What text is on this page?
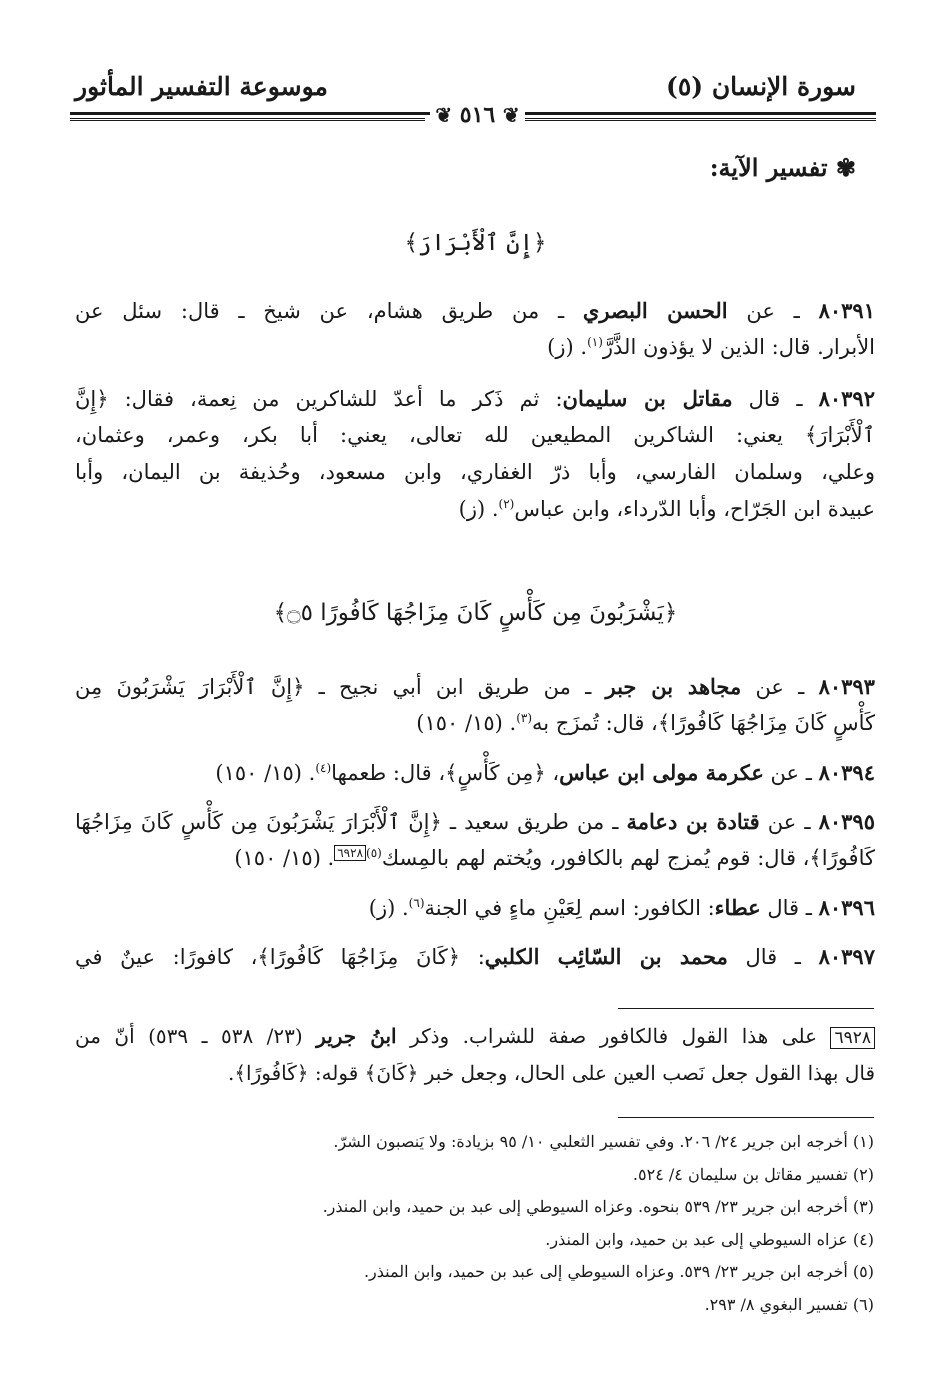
سورة الإنسان (٥)
موسوعة التفسير المأثور
❦ ٥١٦ ❦
✾ تفسير الآية:
﴿إِنَّ ٱلْأَبْرَارَ﴾
٨٠٣٩١ ـ عن الحسن البصري ـ من طريق هشام، عن شيخ ـ قال: سئل عن
الأبرار. قال: الذين لا يؤذون الذَّرَّ$^{(١)}$. (ز)
٨٠٣٩٢ ـ قال مقاتل بن سليمان: ثم ذَكر ما أعدّ للشاكرين من نِعمة، فقال: ﴿إِنَّ
ٱلْأَبْرَارَ﴾ يعني: الشاكرين المطيعين لله تعالى، يعني: أبا بكر، وعمر، وعثمان،
وعلي، وسلمان الفارسي، وأبا ذرّ الغفاري، وابن مسعود، وحُذيفة بن اليمان، وأبا
عبيدة ابن الجَرّاح، وأبا الدّرداء، وابن عباس$^{(٢)}$. (ز)
﴿يَشْرَبُونَ مِن كَأْسٍ كَانَ مِزَاجُهَا كَافُورًا ۝٥﴾
٨٠٣٩٣ ـ عن مجاهد بن جبر ـ من طريق ابن أبي نجيح ـ ﴿إِنَّ ٱلْأَبْرَارَ يَشْرَبُونَ مِن
كَأْسٍ كَانَ مِزَاجُهَا كَافُورًا﴾، قال: تُمزَج به$^{(٣)}$. (١٥/ ١٥٠)
٨٠٣٩٤ ـ عن عكرمة مولى ابن عباس، ﴿مِن كَأْسٍ﴾، قال: طعمها$^{(٤)}$. (١٥/ ١٥٠)
٨٠٣٩٥ ـ عن قتادة بن دعامة ـ من طريق سعيد ـ ﴿إِنَّ ٱلْأَبْرَارَ يَشْرَبُونَ مِن كَأْسٍ كَانَ مِزَاجُهَا
كَافُورًا﴾، قال: قوم يُمزج لهم بالكافور، ويُختم لهم بالمِسك$^{(٥)٦٩٢٨}$. (١٥/ ١٥٠)
٨٠٣٩٦ ـ قال عطاء: الكافور: اسم لِعَيْنِ ماءٍ في الجنة$^{(٦)}$. (ز)
٨٠٣٩٧ ـ قال محمد بن السّائِب الكلبي: ﴿كَانَ مِزَاجُهَا كَافُورًا﴾، كافورًا: عينٌ في
٦٩٢٨ على هذا القول فالكافور صفة للشراب. وذكر ابنُ جرير (٢٣/ ٥٣٨ ـ ٥٣٩) أنّ من
قال بهذا القول جعل نَصب العين على الحال، وجعل خبر ﴿كَانَ﴾ قوله: ﴿كَافُورًا﴾.
(١) أخرجه ابن جرير ٢٤/ ٢٠٦. وفي تفسير الثعلبي ١٠/ ٩٥ بزيادة: ولا يَنصبون الشرّ.
(٢) تفسير مقاتل بن سليمان ٤/ ٥٢٤.
(٣) أخرجه ابن جرير ٢٣/ ٥٣٩ بنحوه. وعزاه السيوطي إلى عبد بن حميد، وابن المنذر.
(٤) عزاه السيوطي إلى عبد بن حميد، وابن المنذر.
(٥) أخرجه ابن جرير ٢٣/ ٥٣٩. وعزاه السيوطي إلى عبد بن حميد، وابن المنذر.
(٦) تفسير البغوي ٨/ ٢٩٣.
